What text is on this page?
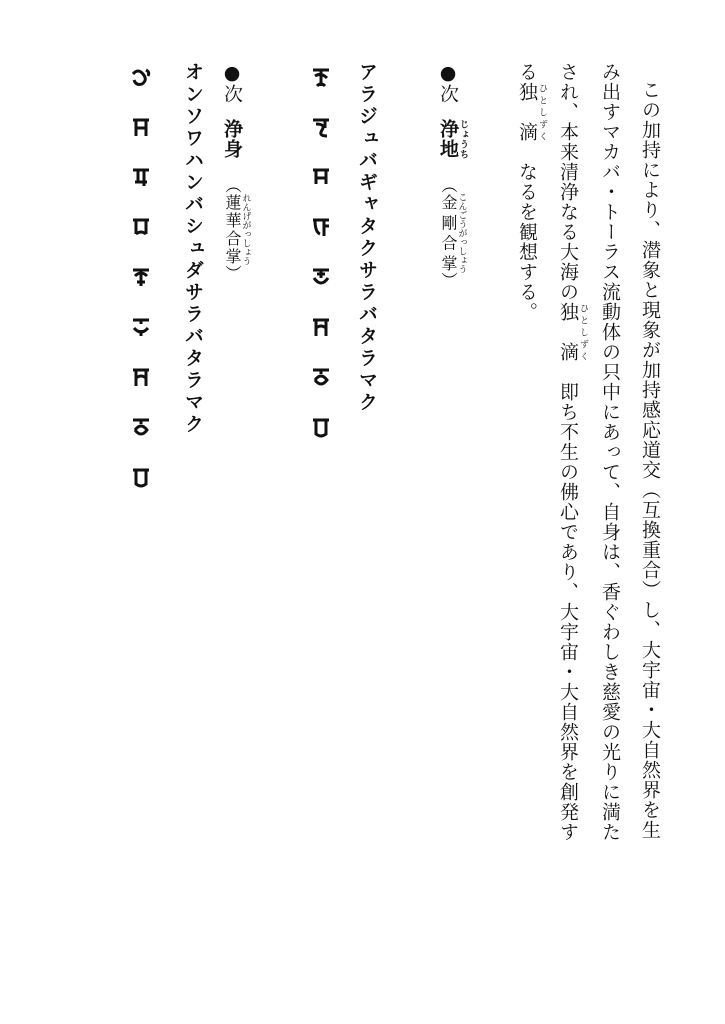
この加持により、潜象と現象が加持感応道交（互換重合）し、大宇宙・大自然界を生
み出すマカバ・トーラス流動体の只中にあって、自身は、香ぐわしき慈愛の光りに満た
され、本来清浄なる大海の独　滴 ひとしずく　即ち不生の佛心であり、大宇宙・大自然界を創発す
る独　滴 ひとしずく　なるを観想する。
●次浄地 じょうち（金剛合掌こんごうがっしょう）
アラジュバギャタクサラバタラマク
●次浄身（蓮華合掌れんげがっしょう）
オンソワハンバシュダサラバタラマク
